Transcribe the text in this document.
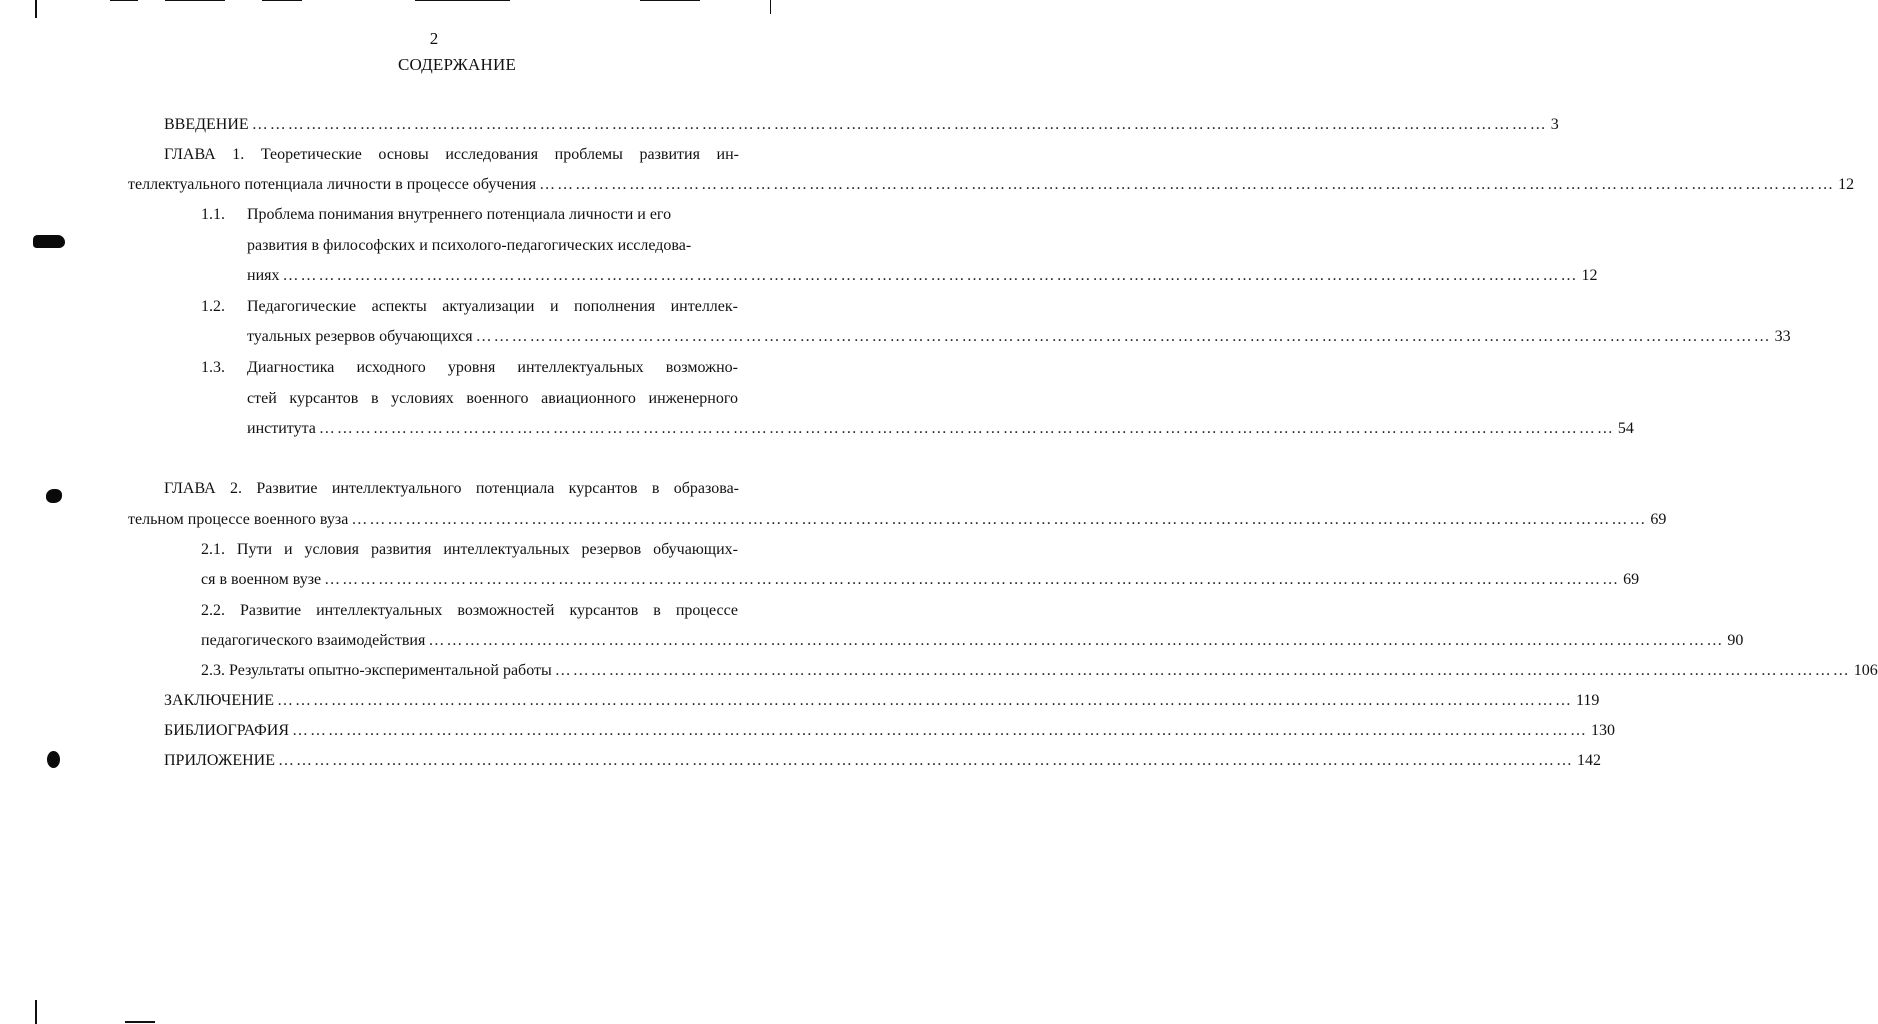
2
СОДЕРЖАНИЕ
ВВЕДЕНИЕ ……………………………………………………………………………………………………………………………………………………………………………………………… 3
ГЛАВА 1. Теоретические основы исследования проблемы развития ин-
теллектуального потенциала личности в процессе обучения ……………………………………………………………………………………………………………………………………………………………………………………………… 12
1.1. Проблема понимания внутреннего потенциала личности и его
развития в философских и психолого-педагогических исследова-
ниях ……………………………………………………………………………………………………………………………………………………………………………………………… 12
1.2. Педагогические аспекты актуализации и пополнения интеллек-
туальных резервов обучающихся ……………………………………………………………………………………………………………………………………………………………………………………………… 33
1.3. Диагностика исходного уровня интеллектуальных возможно-
стей курсантов в условиях военного авиационного инженерного
института ……………………………………………………………………………………………………………………………………………………………………………………………… 54
ГЛАВА 2. Развитие интеллектуального потенциала курсантов в образова-
тельном процессе военного вуза ……………………………………………………………………………………………………………………………………………………………………………………………… 69
2.1. Пути и условия развития интеллектуальных резервов обучающих-
ся в военном вузе ……………………………………………………………………………………………………………………………………………………………………………………………… 69
2.2. Развитие интеллектуальных возможностей курсантов в процессе
педагогического взаимодействия ……………………………………………………………………………………………………………………………………………………………………………………………… 90
2.3. Результаты опытно-экспериментальной работы ……………………………………………………………………………………………………………………………………………………………………………………………… 106
ЗАКЛЮЧЕНИЕ ……………………………………………………………………………………………………………………………………………………………………………………………… 119
БИБЛИОГРАФИЯ ……………………………………………………………………………………………………………………………………………………………………………………………… 130
ПРИЛОЖЕНИЕ ……………………………………………………………………………………………………………………………………………………………………………………………… 142
